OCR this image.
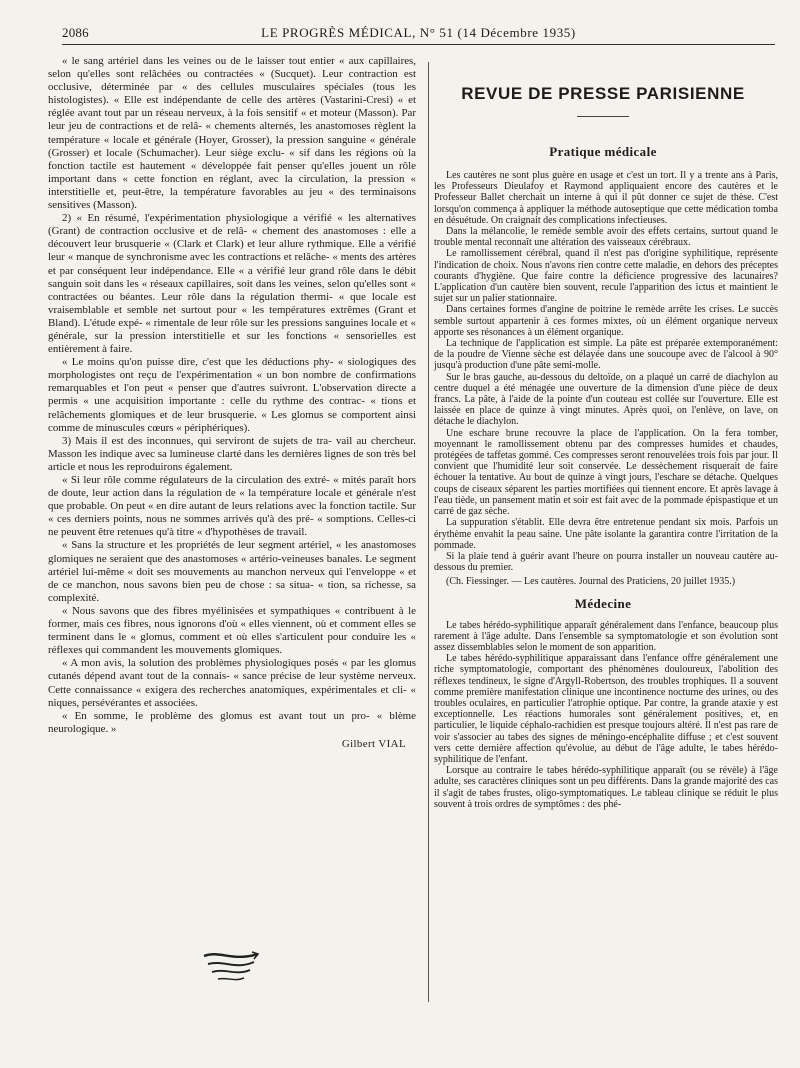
2086	LE PROGRÈS MÉDICAL, N° 51 (14 Décembre 1935)

« le sang artériel dans les veines ou de le laisser tout entier « aux capillaires, selon qu'elles sont relâchées ou contractées « (Sucquet). Leur contraction est occlusive, déterminée par « des cellules musculaires spéciales (tous les histologistes). « Elle est indépendante de celle des artères (Vastarini-Cresi) « et réglée avant tout par un réseau nerveux, à la fois sensitif « et moteur (Masson). Par leur jeu de contractions et de relâ- « chements alternés, les anastomoses règlent la température « locale et générale (Hoyer, Grosser), la pression sanguine « générale (Grosser) et locale (Schumacher). Leur siège exclu- « sif dans les régions où la fonction tactile est hautement « développée fait penser qu'elles jouent un rôle important dans « cette fonction en réglant, avec la circulation, la pression « interstitielle et, peut-être, la température favorables au jeu « des terminaisons sensitives (Masson).

2) « En résumé, l'expérimentation physiologique a vérifié « les alternatives (Grant) de contraction occlusive et de relâ- « chement des anastomoses : elle a découvert leur brusquerie « (Clark et Clark) et leur allure rythmique. Elle a vérifié leur « manque de synchronisme avec les contractions et relâche- « ments des artères et par conséquent leur indépendance. Elle « a vérifié leur grand rôle dans le débit sanguin soit dans les « réseaux capillaires, soit dans les veines, selon qu'elles sont « contractées ou béantes. Leur rôle dans la régulation thermi- « que locale est vraisemblable et semble net surtout pour « les températures extrêmes (Grant et Bland). L'étude expé- « rimentale de leur rôle sur les pressions sanguines locale et « générale, sur la pression interstitielle et sur les fonctions « sensorielles est entièrement à faire.

« Le moins qu'on puisse dire, c'est que les déductions phy- « siologiques des morphologistes ont reçu de l'expérimentation « un bon nombre de confirmations remarquables et l'on peut « penser que d'autres suivront. L'observation directe a permis « une acquisition importante : celle du rythme des contrac- « tions et relâchements glomiques et de leur brusquerie. « Les glomus se comportent ainsi comme de minuscules cœurs « périphériques).

3) Mais il est des inconnues, qui serviront de sujets de tra- vail au chercheur. Masson les indique avec sa lumineuse clarté dans les dernières lignes de son très bel article et nous les reproduirons également.

« Si leur rôle comme régulateurs de la circulation des extré- « mités paraît hors de doute, leur action dans la régulation de « la température locale et générale n'est que probable. On peut « en dire autant de leurs relations avec la fonction tactile. Sur « ces derniers points, nous ne sommes arrivés qu'à des pré- « somptions. Celles-ci ne peuvent être retenues qu'à titre « d'hypothèses de travail.

« Sans la structure et les propriétés de leur segment artériel, « les anastomoses glomiques ne seraient que des anastomoses « artério-veineuses banales. Le segment artériel lui-même « doit ses mouvements au manchon nerveux qui l'enveloppe « et de ce manchon, nous savons bien peu de chose : sa situa- « tion, sa richesse, sa complexité.

« Nous savons que des fibres myélinisées et sympathiques « contribuent à le former, mais ces fibres, nous ignorons d'où « elles viennent, où et comment elles se terminent dans le « glomus, comment et où elles s'articulent pour conduire les « réflexes qui commandent les mouvements glomiques.

« A mon avis, la solution des problèmes physiologiques posés « par les glomus cutanés dépend avant tout de la connais- « sance précise de leur système nerveux. Cette connaissance « exigera des recherches anatomiques, expérimentales et cli- « niques, persévérantes et associées.

« En somme, le problème des glomus est avant tout un pro- « blème neurologique. »

Gilbert VIAL

REVUE DE PRESSE PARISIENNE
Pratique médicale

Les cautères ne sont plus guère en usage et c'est un tort. Il y a trente ans à Paris, les Professeurs Dieulafoy et Raymond appliquaient encore des cautères et le Professeur Ballet cherchait un interne à qui il pût donner ce sujet de thèse. C'est lorsqu'on commença à appliquer la méthode autoseptique que cette médication tomba en désuétude. On craignait des complications infectieuses.

Dans la mélancolie, le remède semble avoir des effets certains, surtout quand le trouble mental reconnaît une altération des vaisseaux cérébraux.

Le ramollissement cérébral, quand il n'est pas d'origine syphilitique, représente l'indication de choix. Nous n'avons rien contre cette maladie, en dehors des préceptes courants d'hygiène. Que faire contre la déficience progressive des lacunaires? L'application d'un cautère bien souvent, recule l'apparition des ictus et maintient le sujet sur un palier stationnaire.

Dans certaines formes d'angine de poitrine le remède arrête les crises. Le succès semble surtout appartenir à ces formes mixtes, où un élément organique nerveux apporte ses résonances à un élément organique.

La technique de l'application est simple. La pâte est préparée extemporanément: de la poudre de Vienne sèche est délayée dans une soucoupe avec de l'alcool à 90° jusqu'à production d'une pâte semi-molle.

Sur le bras gauche, au-dessous du deltoïde, on a plaqué un carré de diachylon au centre duquel a été ménagée une ouverture de la dimension d'une pièce de deux francs. La pâte, à l'aide de la pointe d'un couteau est collée sur l'ouverture. Elle est laissée en place de quinze à vingt minutes. Après quoi, on l'enlève, on lave, on détache le diachylon.

Une eschare brune recouvre la place de l'application. On la fera tomber, moyennant le ramollissement obtenu par des compresses humides et chaudes, protégées de taffetas gommé. Ces compresses seront renouvelées trois fois par jour. Il convient que l'humidité leur soit conservée. Le dessèchement risquerait de faire échouer la tentative. Au bout de quinze à vingt jours, l'eschare se détache. Quelques coups de ciseaux séparent les parties mortifiées qui tiennent encore. Et après lavage à l'eau tiède, un pansement matin et soir est fait avec de la pommade épispastique et un carré de gaz sèche.

La suppuration s'établit. Elle devra être entretenue pendant six mois. Parfois un érythème envahit la peau saine. Une pâte isolante la garantira contre l'irritation de la pommade.

Si la plaie tend à guérir avant l'heure on pourra installer un nouveau cautère au-dessous du premier.

(Ch. Fiessinger. — Les cautères. Journal des Praticiens, 20 juillet 1935.)

Médecine

Le tabes hérédo-syphilitique apparaît généralement dans l'enfance, beaucoup plus rarement à l'âge adulte. Dans l'ensemble sa symptomatologie et son évolution sont assez dissemblables selon le moment de son apparition.

Le tabes hérédo-syphilitique apparaissant dans l'enfance offre généralement une riche symptomatologie, comportant des phénomènes douloureux, l'abolition des réflexes tendineux, le signe d'Argyll-Robertson, des troubles trophiques. Il a souvent comme première manifestation clinique une incontinence nocturne des urines, ou des troubles oculaires, en particulier l'atrophie optique. Par contre, la grande ataxie y est exceptionnelle. Les réactions humorales sont généralement positives, et, en particulier, le liquide céphalo-rachidien est presque toujours altéré. Il n'est pas rare de voir s'associer au tabes des signes de méningo-encéphalite diffuse ; et c'est souvent vers cette dernière affection qu'évolue, au début de l'âge adulte, le tabes hérédo-syphilitique de l'enfant.

Lorsque au contraire le tabes hérédo-syphilitique apparaît (ou se révèle) à l'âge adulte, ses caractères cliniques sont un peu différents. Dans la grande majorité des cas il s'agit de tabes frustes, oligo-symptomatiques. Le tableau clinique se réduit le plus souvent à trois ordres de symptômes : des phé-
